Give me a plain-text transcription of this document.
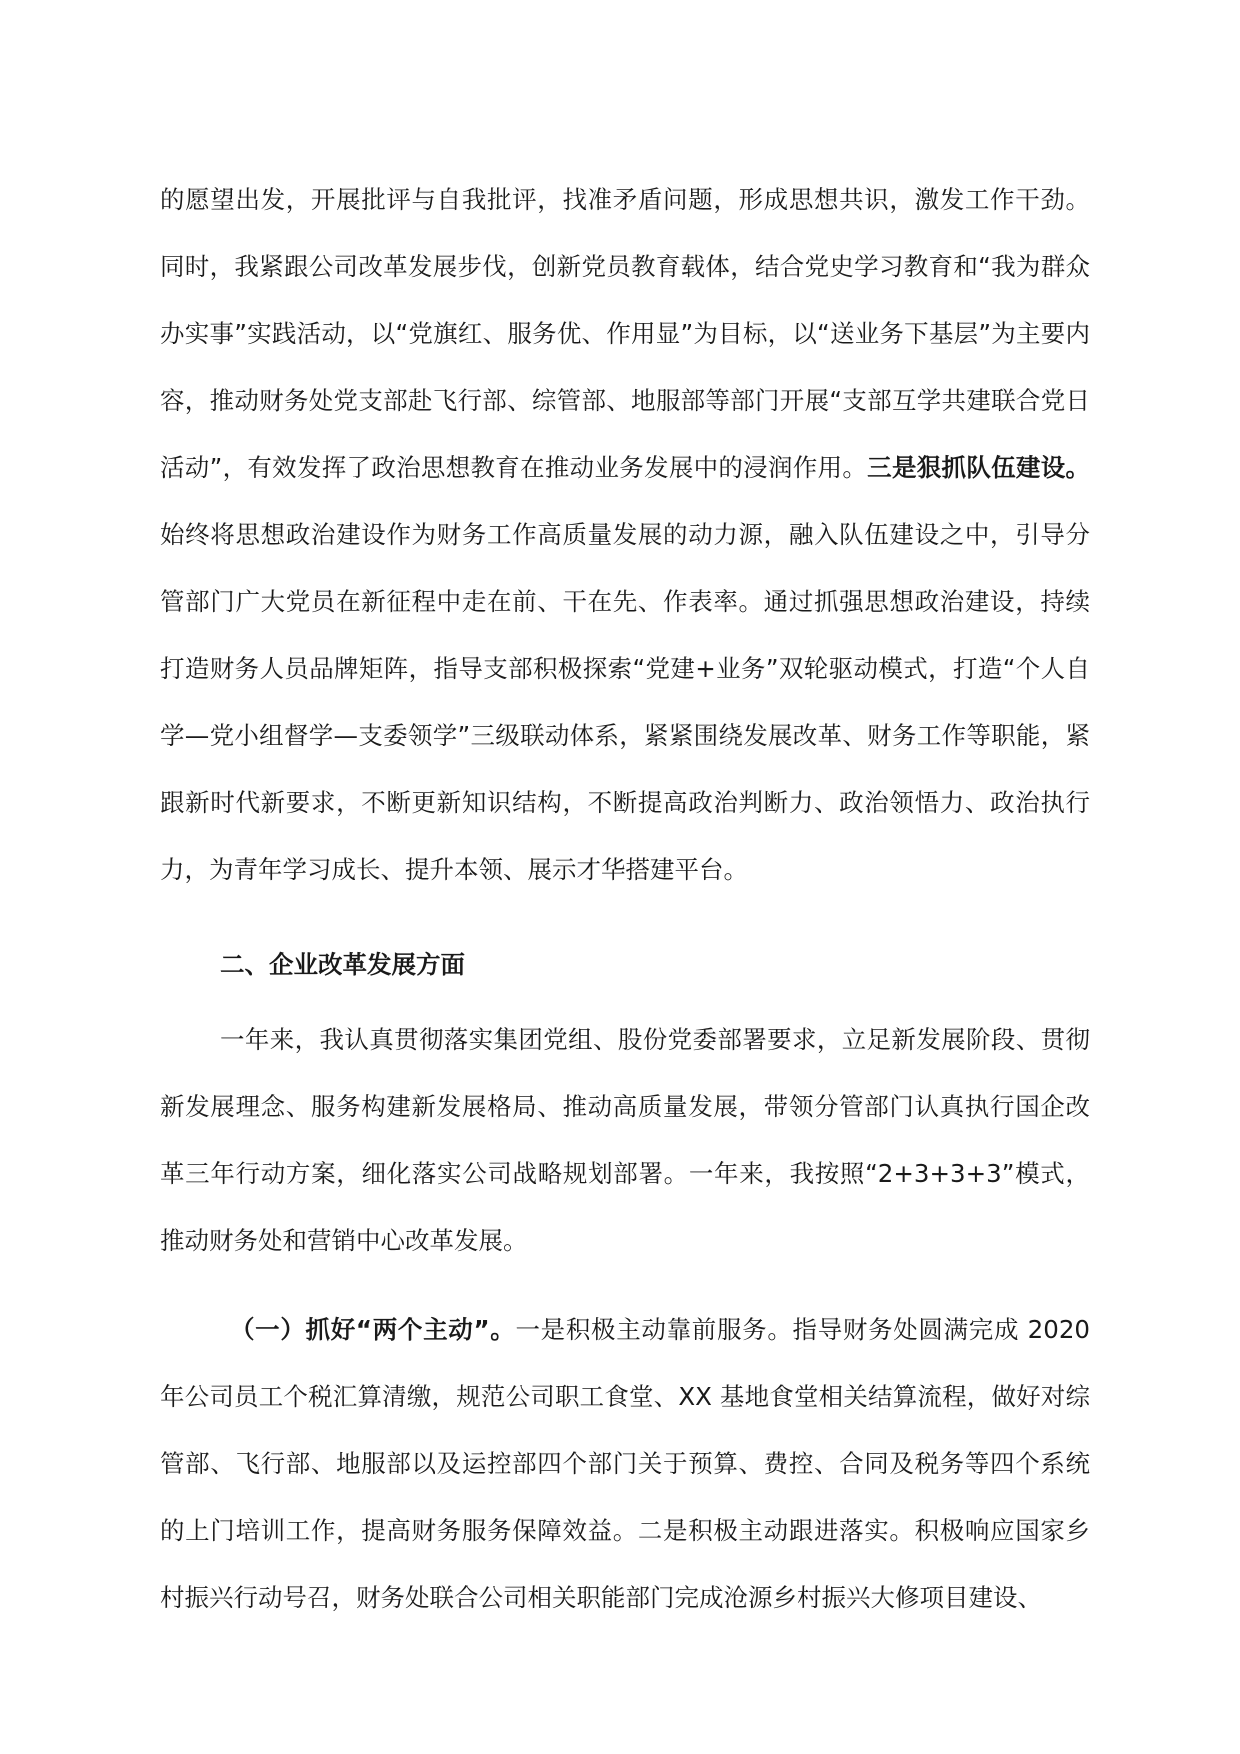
的愿望出发，开展批评与自我批评，找准矛盾问题，形成思想共识，激发工作干劲。同时，我紧跟公司改革发展步伐，创新党员教育载体，结合党史学习教育和“我为群众办实事”实践活动，以“党旗红、服务优、作用显”为目标，以“送业务下基层”为主要内容，推动财务处党支部赴飞行部、综管部、地服部等部门开展“支部互学共建联合党日活动”，有效发挥了政治思想教育在推动业务发展中的浸润作用。三是狠抓队伍建设。始终将思想政治建设作为财务工作高质量发展的动力源，融入队伍建设之中，引导分管部门广大党员在新征程中走在前、干在先、作表率。通过抓强思想政治建设，持续打造财务人员品牌矩阵，指导支部积极探索“党建+业务”双轮驱动模式，打造“个人自学—党小组督学—支委领学”三级联动体系，紧紧围绕发展改革、财务工作等职能，紧跟新时代新要求，不断更新知识结构，不断提高政治判断力、政治领悟力、政治执行力，为青年学习成长、提升本领、展示才华搭建平台。

二、企业改革发展方面

一年来，我认真贯彻落实集团党组、股份党委部署要求，立足新发展阶段、贯彻新发展理念、服务构建新发展格局、推动高质量发展，带领分管部门认真执行国企改革三年行动方案，细化落实公司战略规划部署。一年来，我按照“2+3+3+3”模式，推动财务处和营销中心改革发展。

（一）抓好“两个主动”。一是积极主动靠前服务。指导财务处圆满完成 2020 年公司员工个税汇算清缴，规范公司职工食堂、XX 基地食堂相关结算流程，做好对综管部、飞行部、地服部以及运控部四个部门关于预算、费控、合同及税务等四个系统的上门培训工作，提高财务服务保障效益。二是积极主动跟进落实。积极响应国家乡村振兴行动号召，财务处联合公司相关职能部门完成沧源乡村振兴大修项目建设、
